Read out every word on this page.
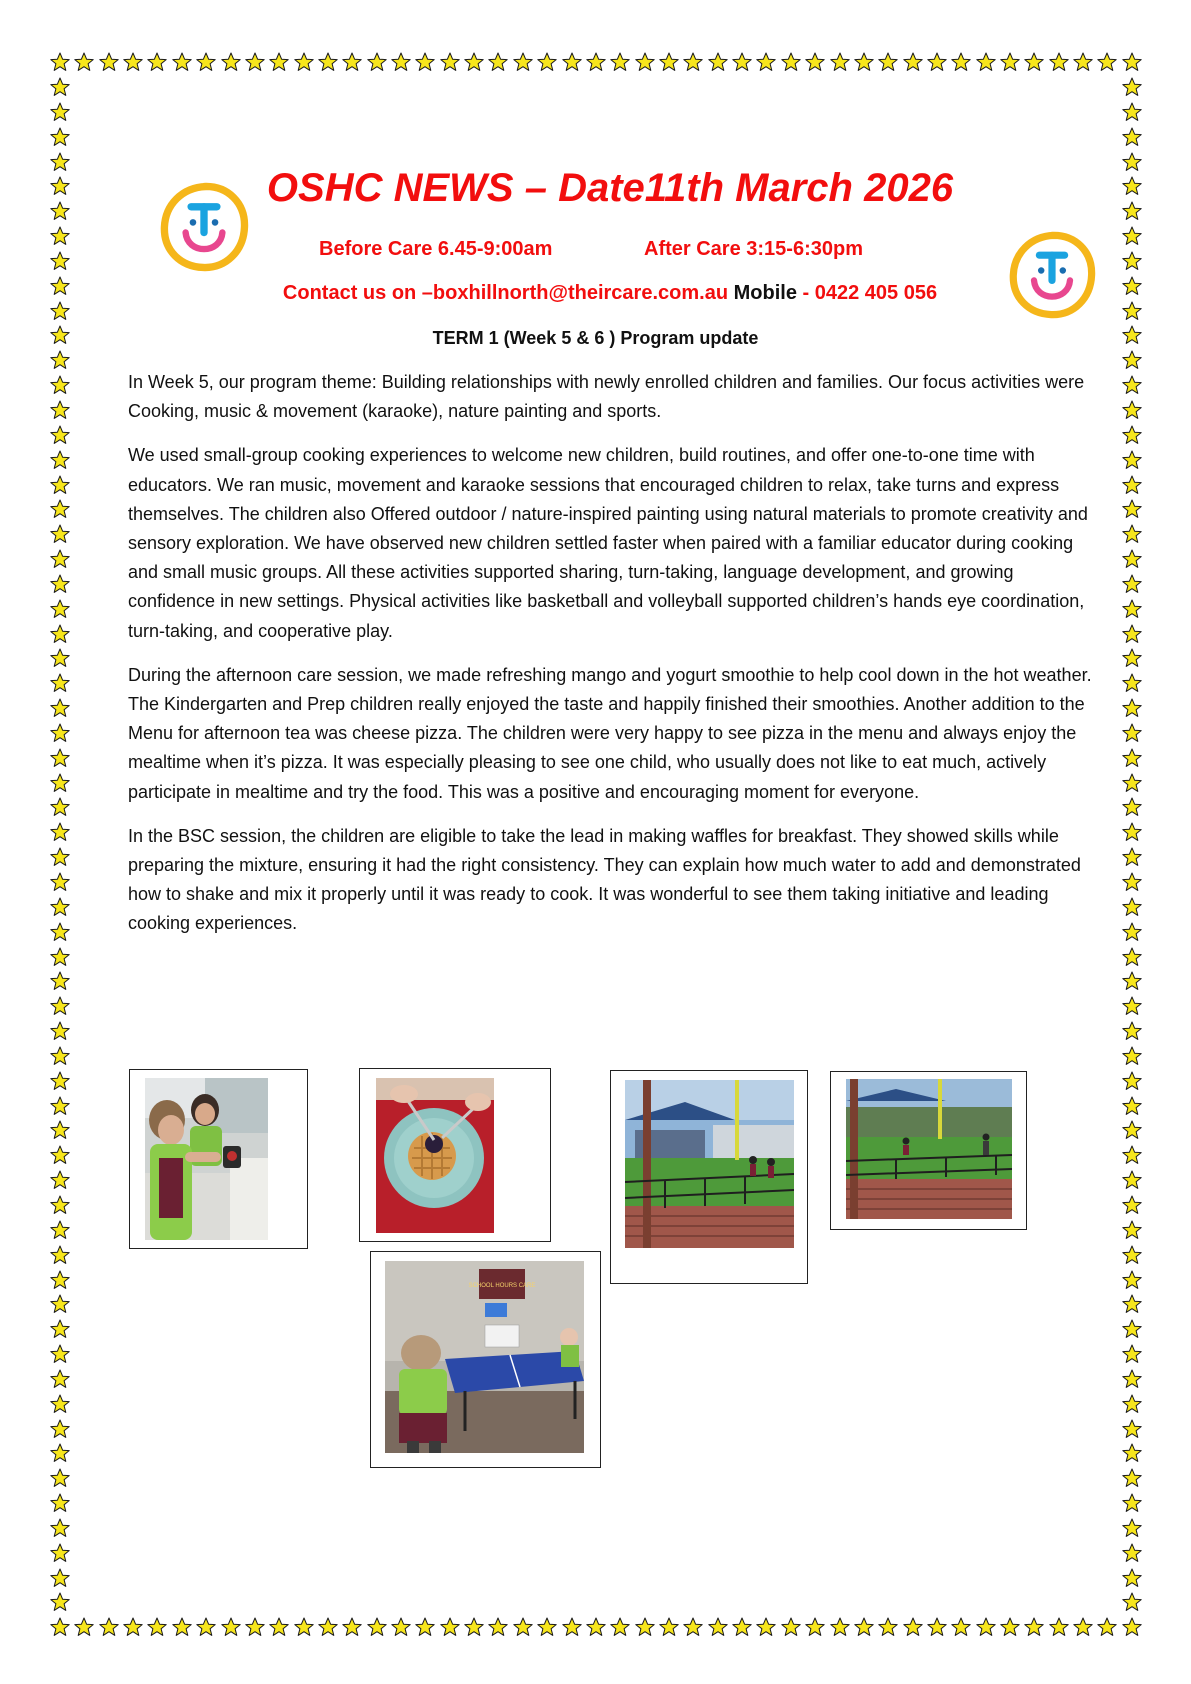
OSHC NEWS – Date11th March 2026
Before Care 6.45-9:00am	After Care 3:15-6:30pm
Contact us on –boxhillnorth@theircare.com.au Mobile - 0422 405 056
TERM 1 (Week 5 & 6 ) Program update

In Week 5, our program theme: Building relationships with newly enrolled children and families. Our focus activities were Cooking, music & movement (karaoke), nature painting and sports.

We used small-group cooking experiences to welcome new children, build routines, and offer one-to-one time with educators. We ran music, movement and karaoke sessions that encouraged children to relax, take turns and express themselves. The children also Offered outdoor / nature-inspired painting using natural materials to promote creativity and sensory exploration. We have observed new children settled faster when paired with a familiar educator during cooking and small music groups. All these activities supported sharing, turn-taking, language development, and growing confidence in new settings. Physical activities like basketball and volleyball supported children’s hands eye coordination, turn-taking, and cooperative play.

During the afternoon care session, we made refreshing mango and yogurt smoothie to help cool down in the hot weather. The Kindergarten and Prep children really enjoyed the taste and happily finished their smoothies. Another addition to the Menu for afternoon tea was cheese pizza. The children were very happy to see pizza in the menu and always enjoy the mealtime when it’s pizza. It was especially pleasing to see one child, who usually does not like to eat much, actively participate in mealtime and try the food. This was a positive and encouraging moment for everyone.

In the BSC session, the children are eligible to take the lead in making waffles for breakfast. They showed skills while preparing the mixture, ensuring it had the right consistency. They can explain how much water to add and demonstrated how to shake and mix it properly until it was ready to cook. It was wonderful to see them taking initiative and leading cooking experiences.

SCHOOL HOURS CARE
